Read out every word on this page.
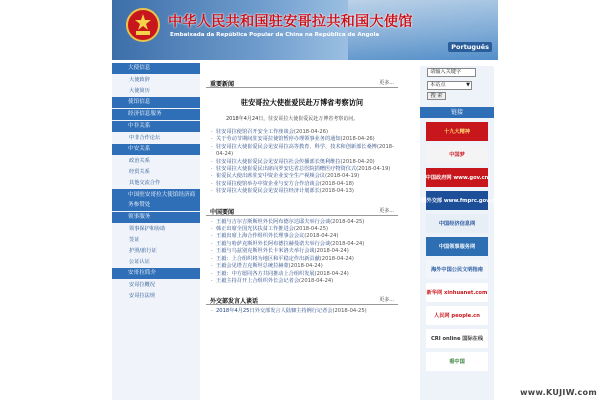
中华人民共和国驻安哥拉共和国大使馆
Embaixada da República Popular da China na República de Angola
Português
大使信息
大使致辞
大使简历
使馆信息
经济信息服务
中非关系
中非合作论坛
中安关系
政治关系
经贸关系
其他交流合作
中国驻安哥拉大使馆经济商务参赞处
领事服务
领事保护和协助
签证
护照/旅行证
公证认证
安哥拉简介
安哥拉概况
安哥拉法规
重要新闻	更多...
驻安哥拉大使崔爱民赴万博省考察访问
2018年4月24日，驻安哥拉大使崔爱民赴万博省考察访问。
· 驻安哥拉使馆召开安全工作座谈会(2018-04-26)
· 关于劳动节期间驻安哥拉使馆暂停办理领事业务的通知(2018-04-26)
· 驻安哥拉大使崔爱民会见安哥拉高等教育、科学、技术和创新部长桑博(2018-04-24)
· 驻安哥拉大使崔爱民会见安哥拉社会传播部长奥利维拉(2018-04-20)
· 驻安哥拉大使崔爱民出席向罗安达省总医院捐赠医疗物资仪式(2018-04-19)
· 崔爱民大使出席驻安中资企业安全生产视频会议(2018-04-19)
· 驻安哥拉使馆举办中资企业与安方合作洽谈会(2018-04-18)
· 驻安哥拉大使崔爱民会见安哥拉经济计划部长(2018-04-13)
中国要闻	更多...
· 王毅与吉尔吉斯斯坦外长阿布德尔达耶夫举行会谈(2018-04-25)
· 韩正出席全国光伏扶贫工作推进会(2018-04-25)
· 王毅出席上海合作组织外长理事会会议(2018-04-24)
· 王毅与哈萨克斯坦外长阿布德拉赫曼诺夫举行会谈(2018-04-24)
· 王毅与乌兹别克斯坦外长卡米洛夫举行会谈(2018-04-24)
· 王毅：上合组织将为地区和平稳定作出新贡献(2018-04-24)
· 王毅会见塔吉克斯坦总统拉赫蒙(2018-04-24)
· 王毅：中方愿同各方共同推动上合组织发展(2018-04-24)
· 王毅主持召开上合组织外长会记者会(2018-04-24)
外交部发言人谈话	更多...
· 2018年4月25日外交部发言人陆慷主持例行记者会(2018-04-25)
请输入关键字
本站点	▼
搜 索
链接
十九大精神
中国梦
中国政府网 www.gov.cn
中国外交部 www.fmprc.gov.cn
中国经济信息网
中国领事服务网
海外中国公民文明指南
新华网 xinhuanet.com
人民网 people.cn
CRI online 国际在线
看中国
www.KUJIW.com
